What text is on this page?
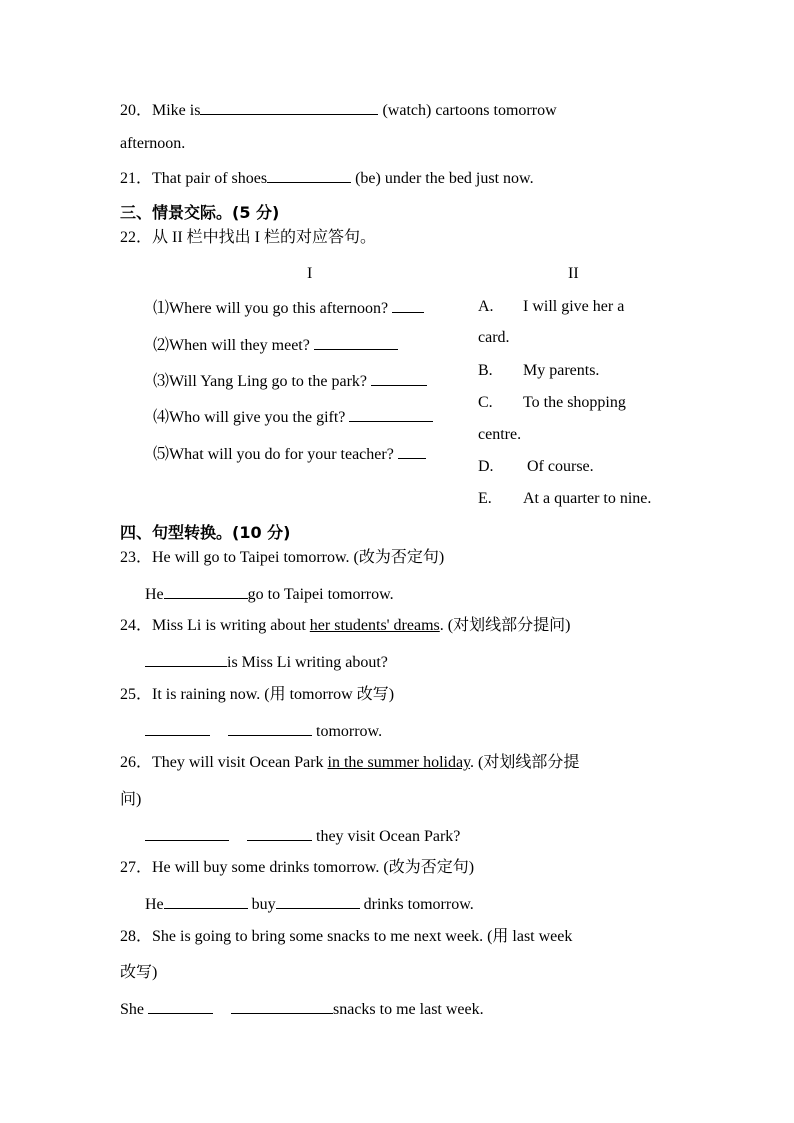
20．Mike is	(watch) cartoons tomorrow
afternoon.
21．That pair of shoes	(be) under the bed just now.
三、情景交际。(5 分)
22．从 II 栏中找出 I 栏的对应答句。
I	II
⑴Where will you go this afternoon?
⑵When will they meet?
⑶Will Yang Ling go to the park?
⑷Who will give you the gift?
⑸What will you do for your teacher?
A. I will give her a
card.
B. My parents.
C. To the shopping
centre.
D. Of course.
E. At a quarter to nine.
四、句型转换。(10 分)
23．He will go to Taipei tomorrow. (改为否定句)
He	go to Taipei tomorrow.
24．Miss Li is writing about her students' dreams. (对划线部分提问)
is Miss Li writing about?
25．It is raining now. (用 tomorrow 改写)
tomorrow.
26．They will visit Ocean Park in the summer holiday. (对划线部分提
问)
they visit Ocean Park?
27．He will buy some drinks tomorrow. (改为否定句)
He	buy	drinks tomorrow.
28．She is going to bring some snacks to me next week. (用 last week
改写)
She	snacks to me last week.
